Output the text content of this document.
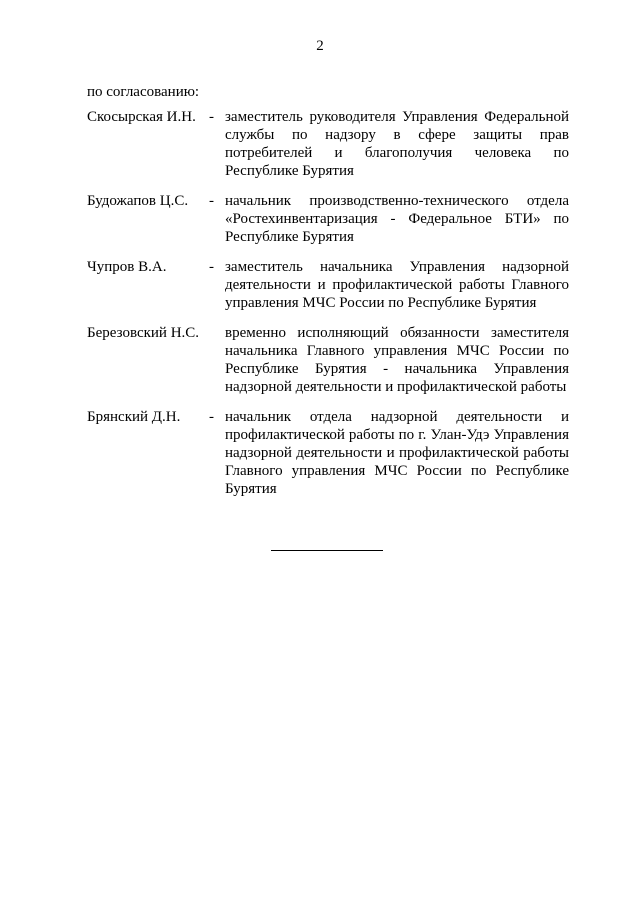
2
по согласованию:
Скосырская И.Н. - заместитель руководителя Управления Федеральной службы по надзору в сфере защиты прав потребителей и благополучия человека по Республике Бурятия
Будожапов Ц.С.	- начальник производственно-технического отдела «Ростехинвентаризация - Федеральное БТИ» по Республике Бурятия
Чупров В.А.	- заместитель начальника Управления надзорной деятельности и профилактической работы Главного управления МЧС России по Республике Бурятия
Березовский Н.С.	временно исполняющий обязанности заместителя начальника Главного управления МЧС России по Республике Бурятия - начальника Управления надзорной деятельности и профилактической работы
Брянский Д.Н.	- начальник отдела надзорной деятельности и профилактической работы по г. Улан-Удэ Управления надзорной деятельности и профилактической работы Главного управления МЧС России по Республике Бурятия
